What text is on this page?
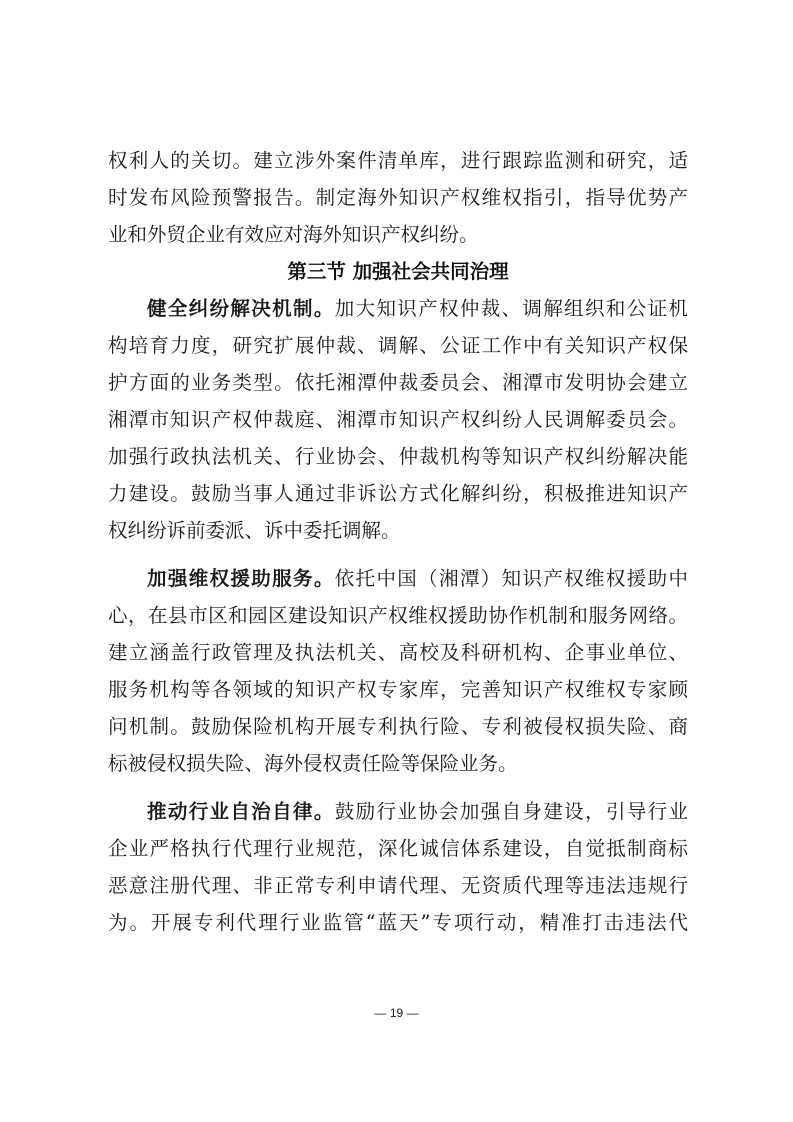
权利人的关切。建立涉外案件清单库，进行跟踪监测和研究，适
时发布风险预警报告。制定海外知识产权维权指引，指导优势产
业和外贸企业有效应对海外知识产权纠纷。
第三节 加强社会共同治理
健全纠纷解决机制。加大知识产权仲裁、调解组织和公证机
构培育力度，研究扩展仲裁、调解、公证工作中有关知识产权保
护方面的业务类型。依托湘潭仲裁委员会、湘潭市发明协会建立
湘潭市知识产权仲裁庭、湘潭市知识产权纠纷人民调解委员会。
加强行政执法机关、行业协会、仲裁机构等知识产权纠纷解决能
力建设。鼓励当事人通过非诉讼方式化解纠纷，积极推进知识产
权纠纷诉前委派、诉中委托调解。
加强维权援助服务。依托中国（湘潭）知识产权维权援助中
心，在县市区和园区建设知识产权维权援助协作机制和服务网络。
建立涵盖行政管理及执法机关、高校及科研机构、企事业单位、
服务机构等各领域的知识产权专家库，完善知识产权维权专家顾
问机制。鼓励保险机构开展专利执行险、专利被侵权损失险、商
标被侵权损失险、海外侵权责任险等保险业务。
推动行业自治自律。鼓励行业协会加强自身建设，引导行业
企业严格执行代理行业规范，深化诚信体系建设，自觉抵制商标
恶意注册代理、非正常专利申请代理、无资质代理等违法违规行
为。开展专利代理行业监管“蓝天”专项行动，精准打击违法代
— 19 —
